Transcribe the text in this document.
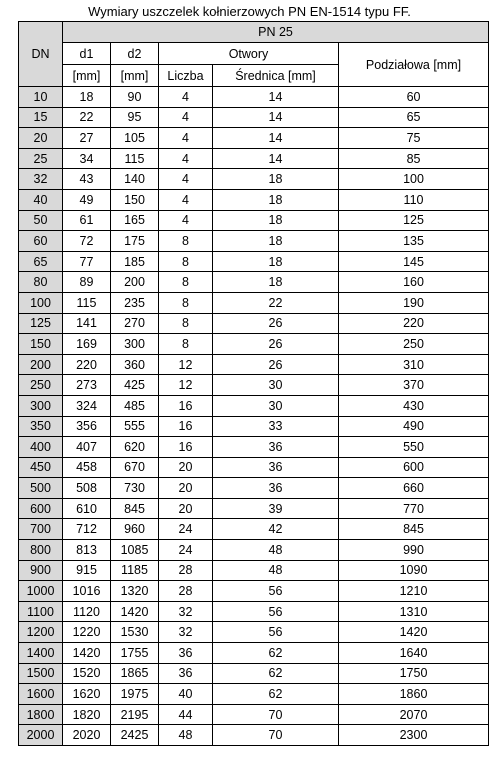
Wymiary uszczelek kołnierzowych PN EN-1514 typu FF.
DN	PN 25				
	d1	d2	Otwory		Podziałowa [mm]
	[mm]	[mm]	Liczba	Średnica [mm]	
10	18	90	4	14	60
15	22	95	4	14	65
20	27	105	4	14	75
25	34	115	4	14	85
32	43	140	4	18	100
40	49	150	4	18	110
50	61	165	4	18	125
60	72	175	8	18	135
65	77	185	8	18	145
80	89	200	8	18	160
100	115	235	8	22	190
125	141	270	8	26	220
150	169	300	8	26	250
200	220	360	12	26	310
250	273	425	12	30	370
300	324	485	16	30	430
350	356	555	16	33	490
400	407	620	16	36	550
450	458	670	20	36	600
500	508	730	20	36	660
600	610	845	20	39	770
700	712	960	24	42	845
800	813	1085	24	48	990
900	915	1185	28	48	1090
1000	1016	1320	28	56	1210
1100	1120	1420	32	56	1310
1200	1220	1530	32	56	1420
1400	1420	1755	36	62	1640
1500	1520	1865	36	62	1750
1600	1620	1975	40	62	1860
1800	1820	2195	44	70	2070
2000	2020	2425	48	70	2300
